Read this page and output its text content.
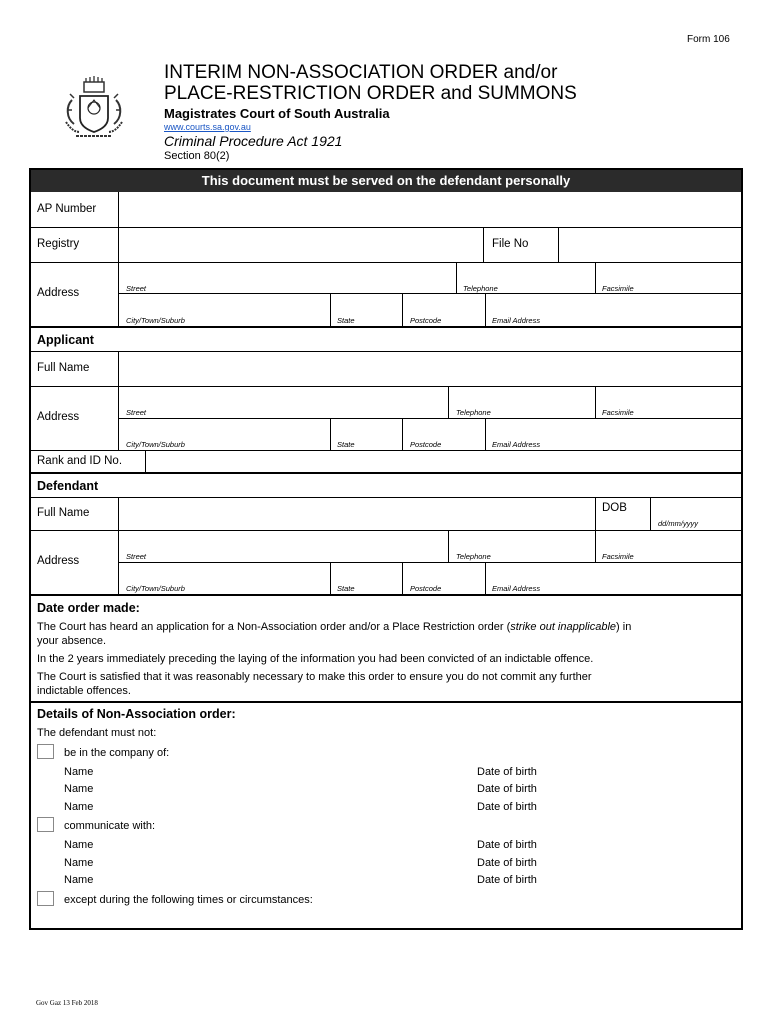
Form 106
INTERIM NON-ASSOCIATION ORDER and/or
PLACE-RESTRICTION ORDER and SUMMONS
Magistrates Court of South Australia
www.courts.sa.gov.au
Criminal Procedure Act 1921
Section 80(2)
This document must be served on the defendant personally
AP Number
Registry	File No
Address	Street	Telephone	Facsimile
City/Town/Suburb	State	Postcode	Email Address
Applicant
Full Name
Address	Street	Telephone	Facsimile
City/Town/Suburb	State	Postcode	Email Address
Rank and ID No.
Defendant
Full Name	DOB
dd/mm/yyyy
Address	Street	Telephone	Facsimile
City/Town/Suburb	State	Postcode	Email Address
Date order made:
The Court has heard an application for a Non-Association order and/or a Place Restriction order (strike out inapplicable) in
your absence.
In the 2 years immediately preceding the laying of the information you had been convicted of an indictable offence.
The Court is satisfied that it was reasonably necessary to make this order to ensure you do not commit any further
indictable offences.
Details of Non-Association order:
The defendant must not:
be in the company of:
Name	Date of birth
Name	Date of birth
Name	Date of birth
communicate with:
Name	Date of birth
Name	Date of birth
Name	Date of birth
except during the following times or circumstances:
Gov Gaz 13 Feb 2018
